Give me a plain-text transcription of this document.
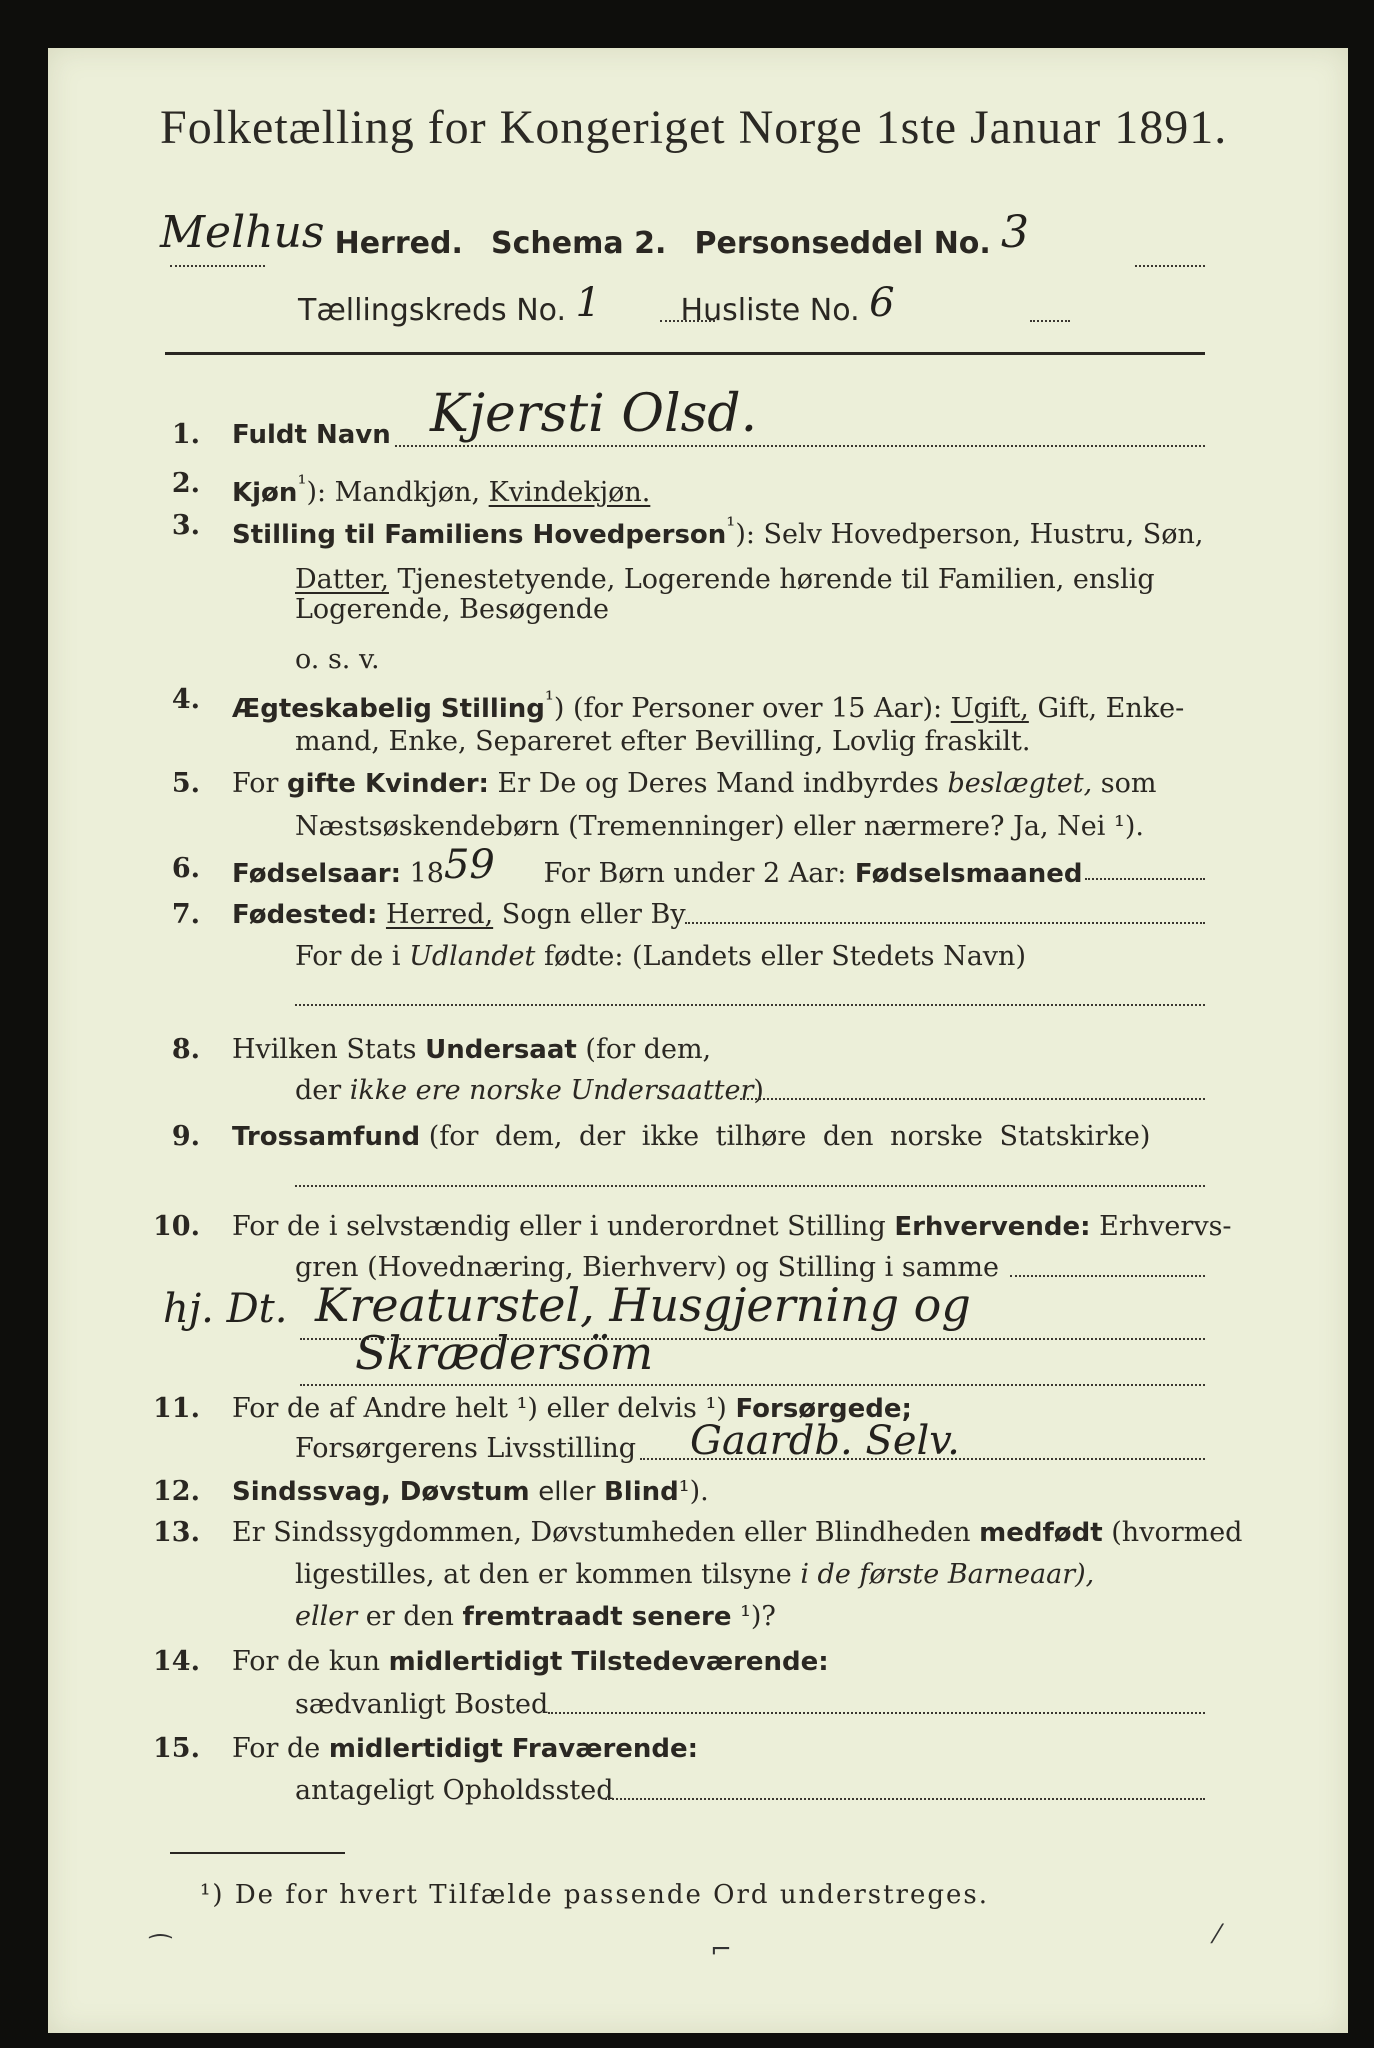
Folketælling for Kongeriget Norge 1ste Januar 1891.
Melhus Herred. Schema 2. Personseddel No. 3
Tællingskreds No. 1	Husliste No. 6
1. Fuldt Navn Kjersti Olsd.
2. Kjøn$^{^1}$): Mandkjøn, Kvindekjøn.
3. Stilling til Familiens Hovedperson$^{^1}$): Selv Hovedperson, Hustru, Søn,
Datter, Tjenestetyende, Logerende hørende til Familien, enslig
Logerende, Besøgende
o. s. v.
4. Ægteskabelig Stilling$^{^1}$) (for Personer over 15 Aar): Ugift, Gift, Enke-
mand, Enke, Separeret efter Bevilling, Lovlig fraskilt.
5. For gifte Kvinder: Er De og Deres Mand indbyrdes beslægtet, som
Næstsøskendebørn (Tremenninger) eller nærmere? Ja, Nei ¹).
6. Fødselsaar: 1859 For Børn under 2 Aar: Fødselsmaaned
7. Fødested: Herred, Sogn eller By
For de i Udlandet fødte: (Landets eller Stedets Navn)
8. Hvilken Stats Undersaat (for dem,
der ikke ere norske Undersaatter)
9. Trossamfund (for dem, der ikke tilhøre den norske Statskirke)
10. For de i selvstændig eller i underordnet Stilling Erhvervende: Erhvervs-
gren (Hovednæring, Bierhverv) og Stilling i samme
hj. Dt. Kreaturstel, Husgjerning og
Skrædersöm
11. For de af Andre helt ¹) eller delvis ¹) Forsørgede;
Forsørgerens Livsstilling Gaardb. Selv.
12. Sindssvag, Døvstum eller Blind¹).
13. Er Sindssygdommen, Døvstumheden eller Blindheden medfødt (hvormed
ligestilles, at den er kommen tilsyne i de første Barneaar),
eller er den fremtraadt senere ¹)?
14. For de kun midlertidigt Tilstedeværende:
sædvanligt Bosted
15. For de midlertidigt Fraværende:
antageligt Opholdssted
¹) De for hvert Tilfælde passende Ord understreges.
⁀	⌐	⁄
